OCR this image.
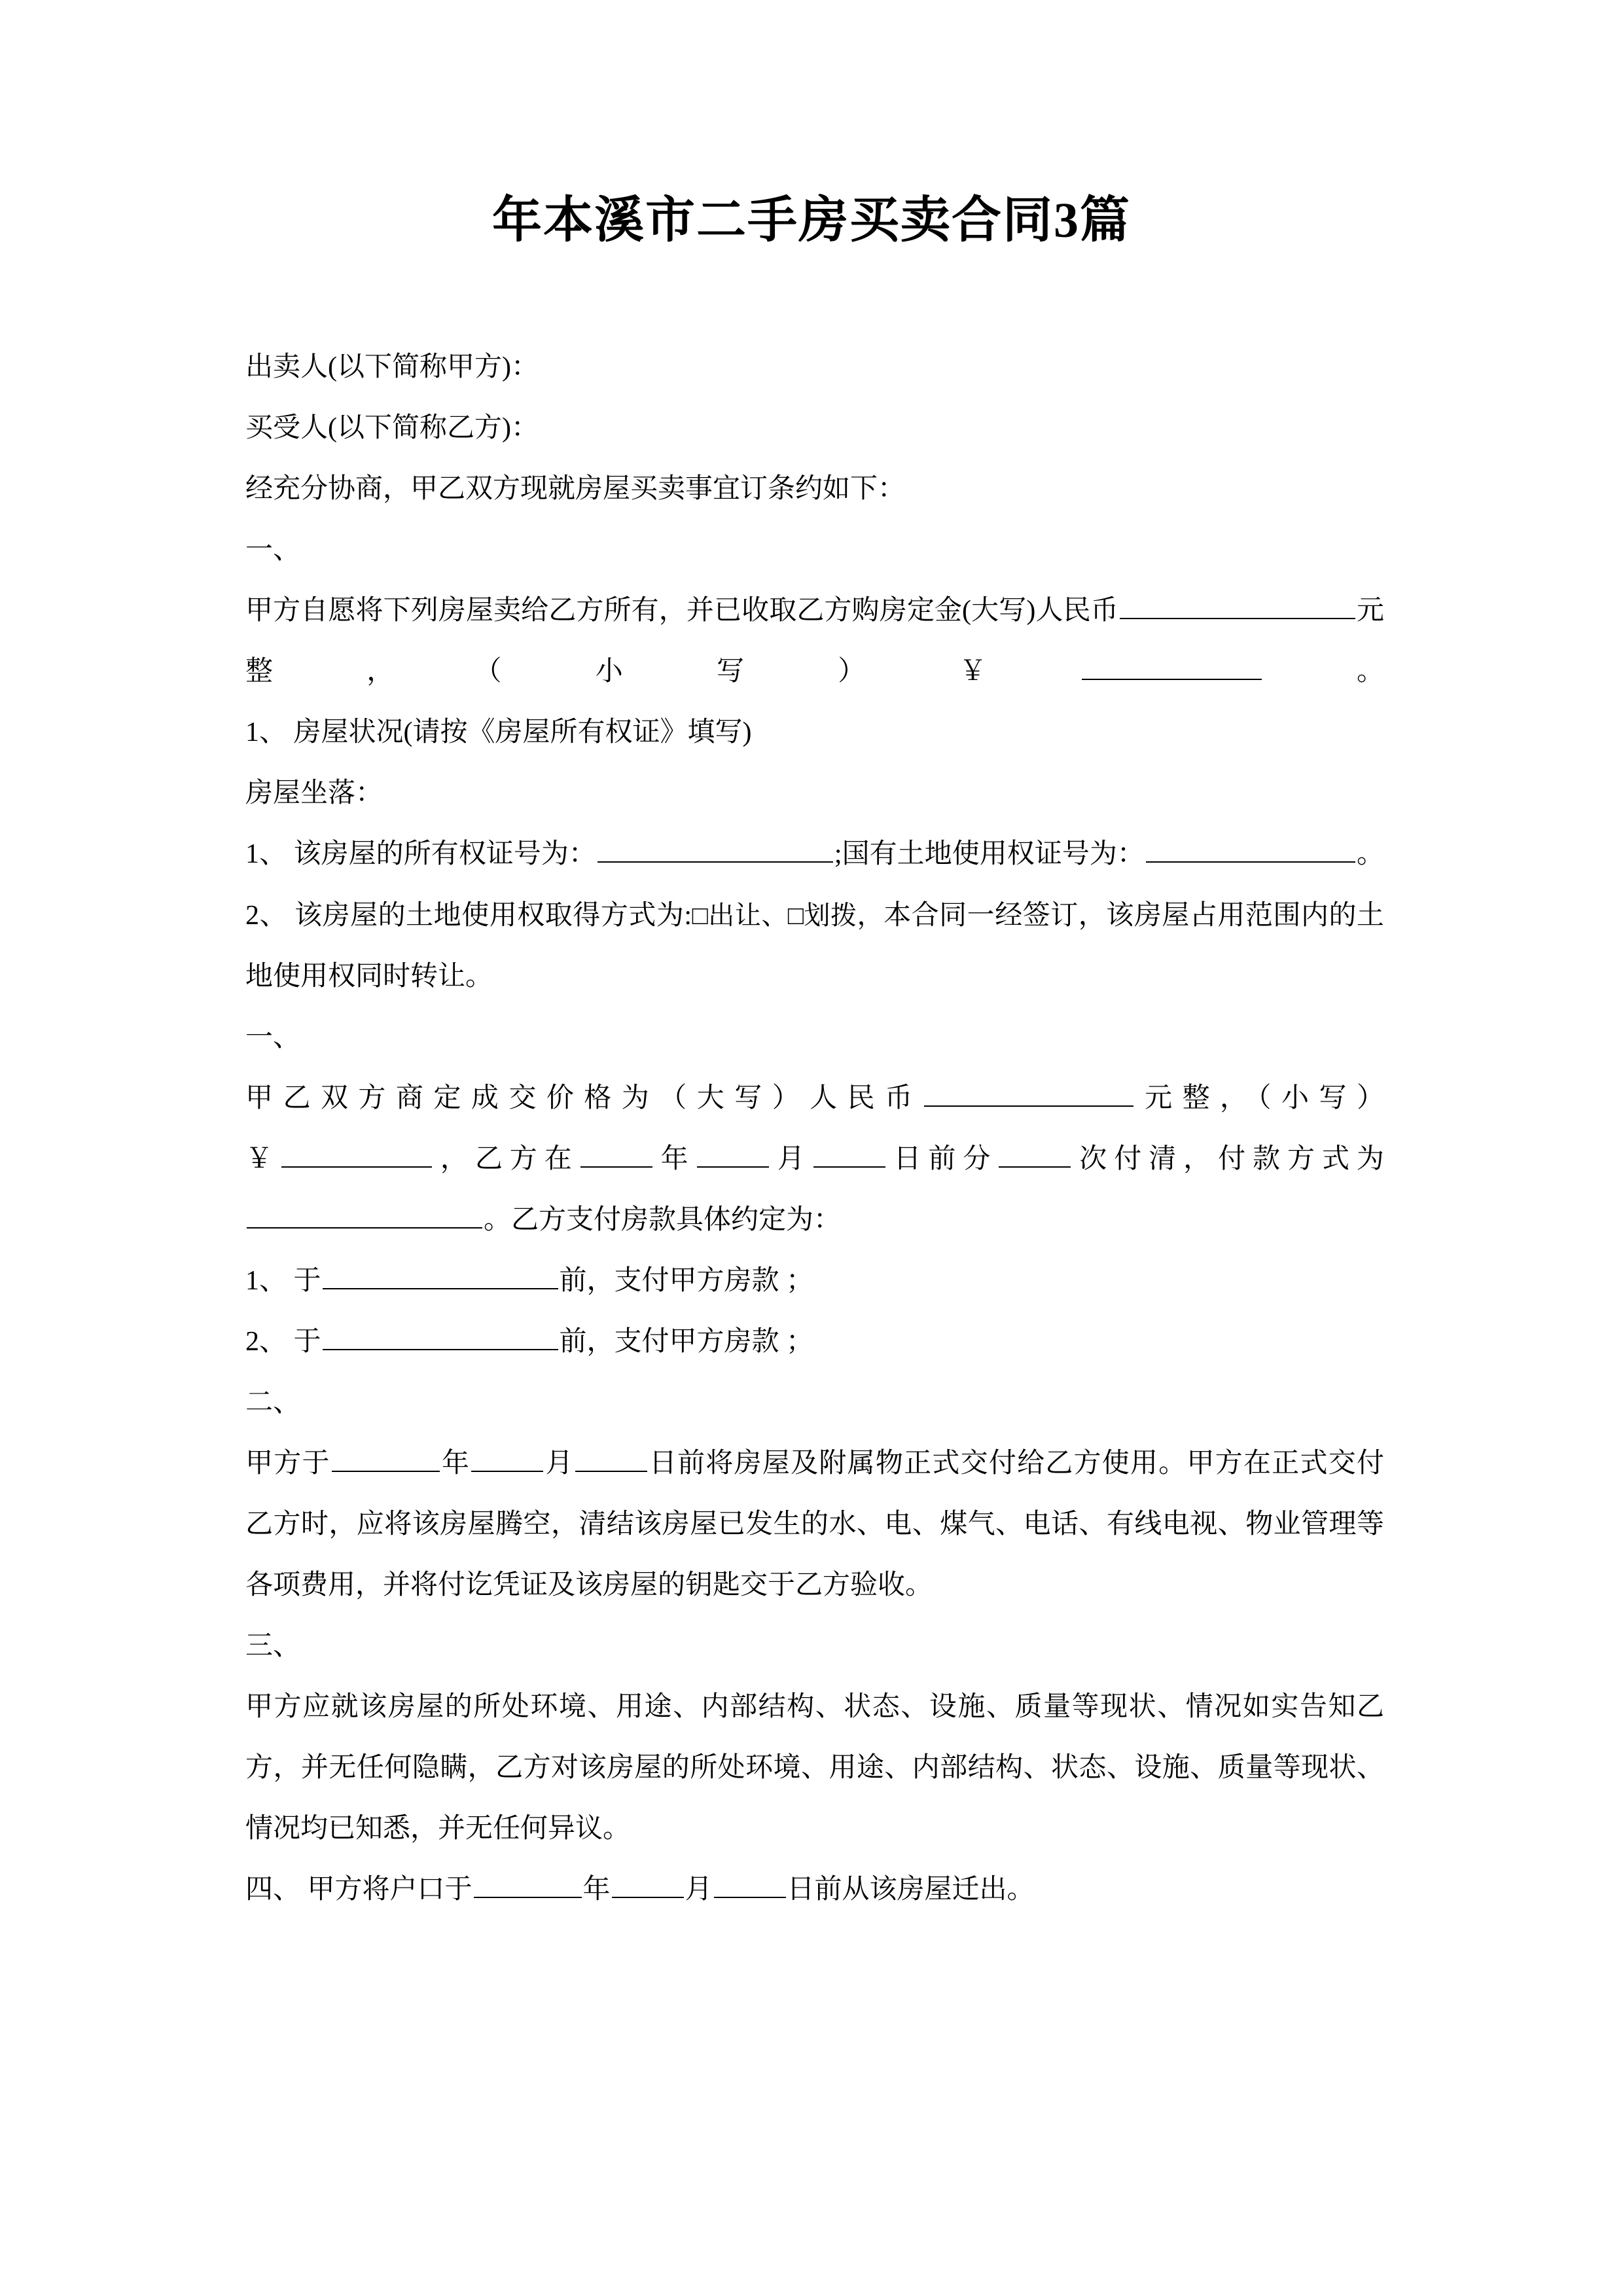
年本溪市二手房买卖合同3篇

出卖人(以下简称甲方)：

买受人(以下简称乙方)：

经充分协商，甲乙双方现就房屋买卖事宜订条约如下：

一、

甲方自愿将下列房屋卖给乙方所有，并已收取乙方购房定金(大写)人民币	元整，（小写）￥	。

1、 房屋状况(请按《房屋所有权证》填写)

房屋坐落：

1、 该房屋的所有权证号为：	;国有土地使用权证号为：	。

2、 该房屋的土地使用权取得方式为:□出让、□划拨，本合同一经签订，该房屋占用范围内的土地使用权同时转让。

一、

甲乙双方商定成交价格为（大写）人民币	元整，（小写）

￥	，乙方在	年	月	日前分	次付清，付款方式为

。乙方支付房款具体约定为：

1、 于	前，支付甲方房款 ；

2、 于	前，支付甲方房款 ；

二、

甲方于	年	月	日前将房屋及附属物正式交付给乙方使用。甲方在正式交付乙方时，应将该房屋腾空，清结该房屋已发生的水、电、煤气、电话、有线电视、物业管理等各项费用，并将付讫凭证及该房屋的钥匙交于乙方验收。

三、

甲方应就该房屋的所处环境、用途、内部结构、状态、设施、质量等现状、情况如实告知乙方，并无任何隐瞒，乙方对该房屋的所处环境、用途、内部结构、状态、设施、质量等现状、情况均已知悉，并无任何异议。

四、 甲方将户口于	年	月	日前从该房屋迁出。
